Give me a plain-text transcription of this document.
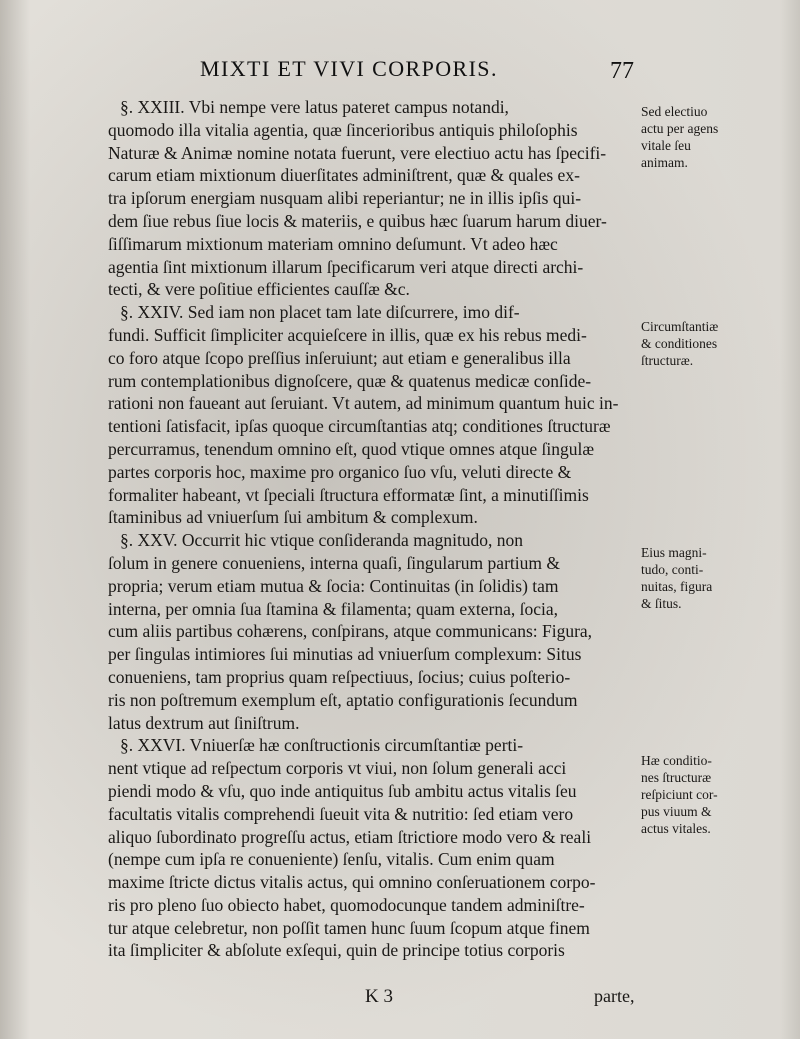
MIXTI ET VIVI CORPORIS.	77
§. XXIII. Vbi nempe vere latus pateret campus notandi,
quomodo illa vitalia agentia, quæ ſincerioribus antiquis philoſophis
Naturæ & Animæ nomine notata fuerunt, vere electiuo actu has ſpecifi-
carum etiam mixtionum diuerſitates adminiſtrent, quæ & quales ex-
tra ipſorum energiam nusquam alibi reperiantur; ne in illis ipſis qui-
dem ſiue rebus ſiue locis & materiis, e quibus hæc ſuarum harum diuer-
ſiſſimarum mixtionum materiam omnino deſumunt. Vt adeo hæc
agentia ſint mixtionum illarum ſpecificarum veri atque directi archi-
tecti, & vere poſitiue efficientes cauſſæ &c.
§. XXIV. Sed iam non placet tam late diſcurrere, imo dif-
fundi. Sufficit ſimpliciter acquieſcere in illis, quæ ex his rebus medi-
co foro atque ſcopo preſſius inſeruiunt; aut etiam e generalibus illa
rum contemplationibus dignoſcere, quæ & quatenus medicæ conſide-
rationi non faueant aut ſeruiant. Vt autem, ad minimum quantum huic in-
tentioni ſatisfacit, ipſas quoque circumſtantias atq; conditiones ſtructuræ
percurramus, tenendum omnino eſt, quod vtique omnes atque ſingulæ
partes corporis hoc, maxime pro organico ſuo vſu, veluti directe &
formaliter habeant, vt ſpeciali ſtructura efformatæ ſint, a minutiſſimis
ſtaminibus ad vniuerſum ſui ambitum & complexum.
§. XXV. Occurrit hic vtique conſideranda magnitudo, non
ſolum in genere conueniens, interna quaſi, ſingularum partium &
propria; verum etiam mutua & ſocia: Continuitas (in ſolidis) tam
interna, per omnia ſua ſtamina & filamenta; quam externa, ſocia,
cum aliis partibus cohærens, conſpirans, atque communicans: Figura,
per ſingulas intimiores ſui minutias ad vniuerſum complexum: Situs
conueniens, tam proprius quam reſpectiuus, ſocius; cuius poſterio-
ris non poſtremum exemplum eſt, aptatio configurationis ſecundum
latus dextrum aut ſiniſtrum.
§. XXVI. Vniuerſæ hæ conſtructionis circumſtantiæ perti-
nent vtique ad reſpectum corporis vt viui, non ſolum generali acci
piendi modo & vſu, quo inde antiquitus ſub ambitu actus vitalis ſeu
facultatis vitalis comprehendi ſueuit vita & nutritio: ſed etiam vero
aliquo ſubordinato progreſſu actus, etiam ſtrictiore modo vero & reali
(nempe cum ipſa re conueniente) ſenſu, vitalis. Cum enim quam
maxime ſtricte dictus vitalis actus, qui omnino conſeruationem corpo-
ris pro pleno ſuo obiecto habet, quomodocunque tandem adminiſtre-
tur atque celebretur, non poſſit tamen hunc ſuum ſcopum atque finem
ita ſimpliciter & abſolute exſequi, quin de principe totius corporis
Sed electiuo
actu per agens
vitale ſeu
animam.
Circumſtantiæ
& conditiones
ſtructuræ.
Eius magni-
tudo, conti-
nuitas, figura
& ſitus.
Hæ conditio-
nes ſtructuræ
reſpiciunt cor-
pus viuum &
actus vitales.
K 3	parte,
